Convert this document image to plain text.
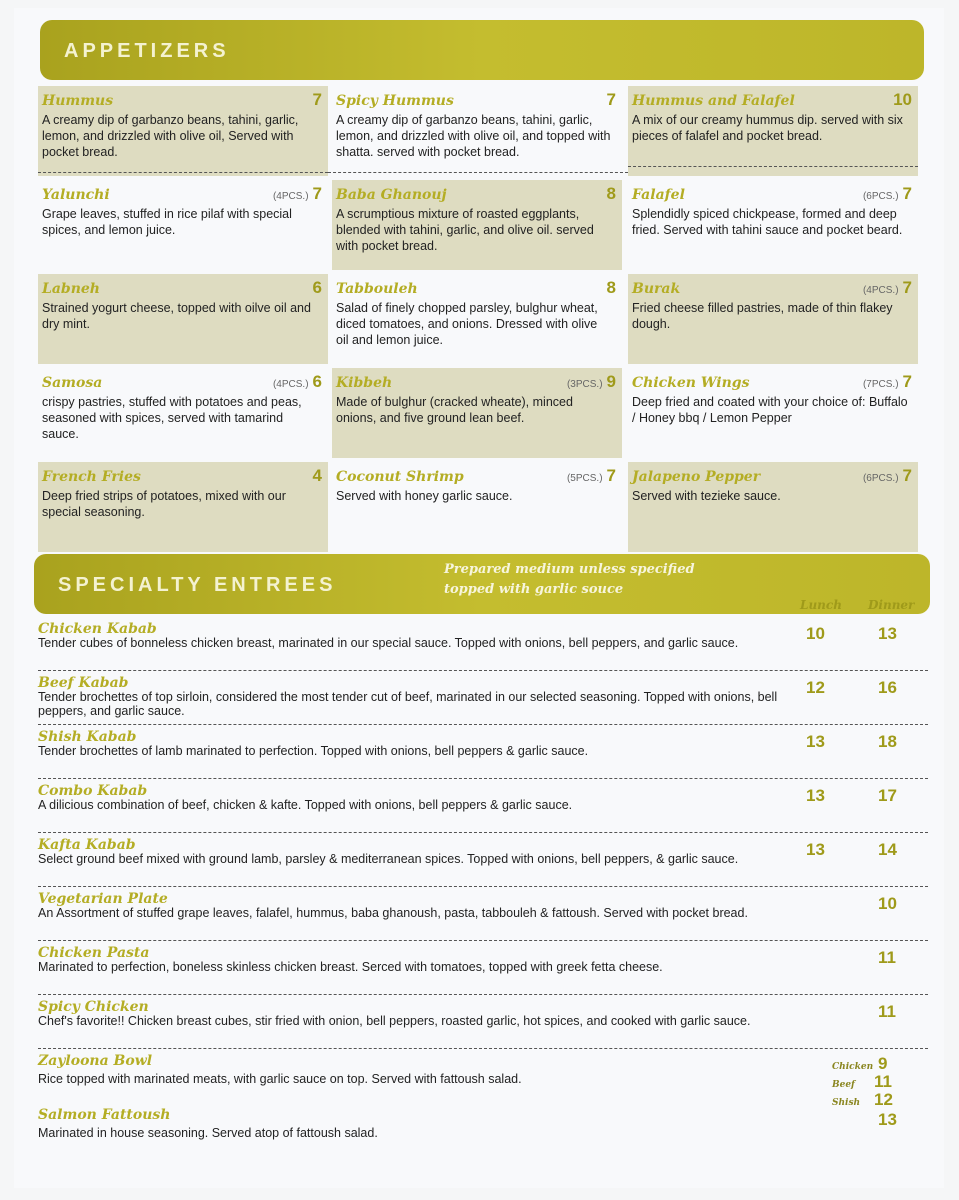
APPETIZERS
Hummus	7
A creamy dip of garbanzo beans, tahini, garlic, lemon, and drizzled with olive oil, Served with pocket bread.
Spicy Hummus	7
A creamy dip of garbanzo beans, tahini, garlic, lemon, and drizzled with olive oil, and topped with shatta. served with pocket bread.
Hummus and Falafel	10
A mix of our creamy hummus dip. served with six pieces of falafel and pocket bread.
Yalunchi	(4PCS.) 7
Grape leaves, stuffed in rice pilaf with special spices, and lemon juice.
Baba Ghanouj	8
A scrumptious mixture of roasted eggplants, blended with tahini, garlic, and olive oil. served with pocket bread.
Falafel	(6PCS.) 7
Splendidly spiced chickpease, formed and deep fried. Served with tahini sauce and pocket beard.
Labneh	6
Strained yogurt cheese, topped with oilve oil and dry mint.
Tabbouleh	8
Salad of finely chopped parsley, bulghur wheat, diced tomatoes, and onions. Dressed with olive oil and lemon juice.
Burak	(4PCS.) 7
Fried cheese filled pastries, made of thin flakey dough.
Samosa	(4PCS.) 6
crispy pastries, stuffed with potatoes and peas, seasoned with spices, served with tamarind sauce.
Kibbeh	(3PCS.) 9
Made of bulghur (cracked wheate), minced onions, and five ground lean beef.
Chicken Wings	(7PCS.) 7
Deep fried and coated with your choice of: Buffalo / Honey bbq / Lemon Pepper
French Fries	4
Deep fried strips of potatoes, mixed with our special seasoning.
Coconut Shrimp	(5PCS.) 7
Served with honey garlic sauce.
Jalapeno Pepper	(6PCS.) 7
Served with tezieke sauce.
SPECIALTY ENTREES
Prepared medium unless specified topped with garlic souce
Lunch Dinner
Chicken Kabab
Tender cubes of bonneless chicken breast, marinated in our special sauce. Topped with onions, bell peppers, and garlic sauce.	10	13
Beef Kabab
Tender brochettes of top sirloin, considered the most tender cut of beef, marinated in our selected seasoning. Topped with onions, bell peppers, and garlic sauce.
12	16
Shish Kabab
Tender brochettes of lamb marinated to perfection. Topped with onions, bell peppers & garlic sauce.	13	18
Combo Kabab
A dilicious combination of beef, chicken & kafte. Topped with onions, bell peppers & garlic sauce.	13	17
Kafta Kabab
Select ground beef mixed with ground lamb, parsley & mediterranean spices. Topped with onions, bell peppers, & garlic sauce.	13	14
Vegetarian Plate
An Assortment of stuffed grape leaves, falafel, hummus, baba ghanoush, pasta, tabbouleh & fattoush. Served with pocket bread.	10
Chicken Pasta
Marinated to perfection, boneless skinless chicken breast. Serced with tomatoes, topped with greek fetta cheese.	11
Spicy Chicken
Chef's favorite!! Chicken breast cubes, stir fried with onion, bell peppers, roasted garlic, hot spices, and cooked with garlic sauce.	11
Zayloona Bowl
Rice topped with marinated meats, with garlic sauce on top. Served with fattoush salad.
Chicken 9
Beef 11
Shish 12
Salmon Fattoush
Marinated in house seasoning. Served atop of fattoush salad.
13
